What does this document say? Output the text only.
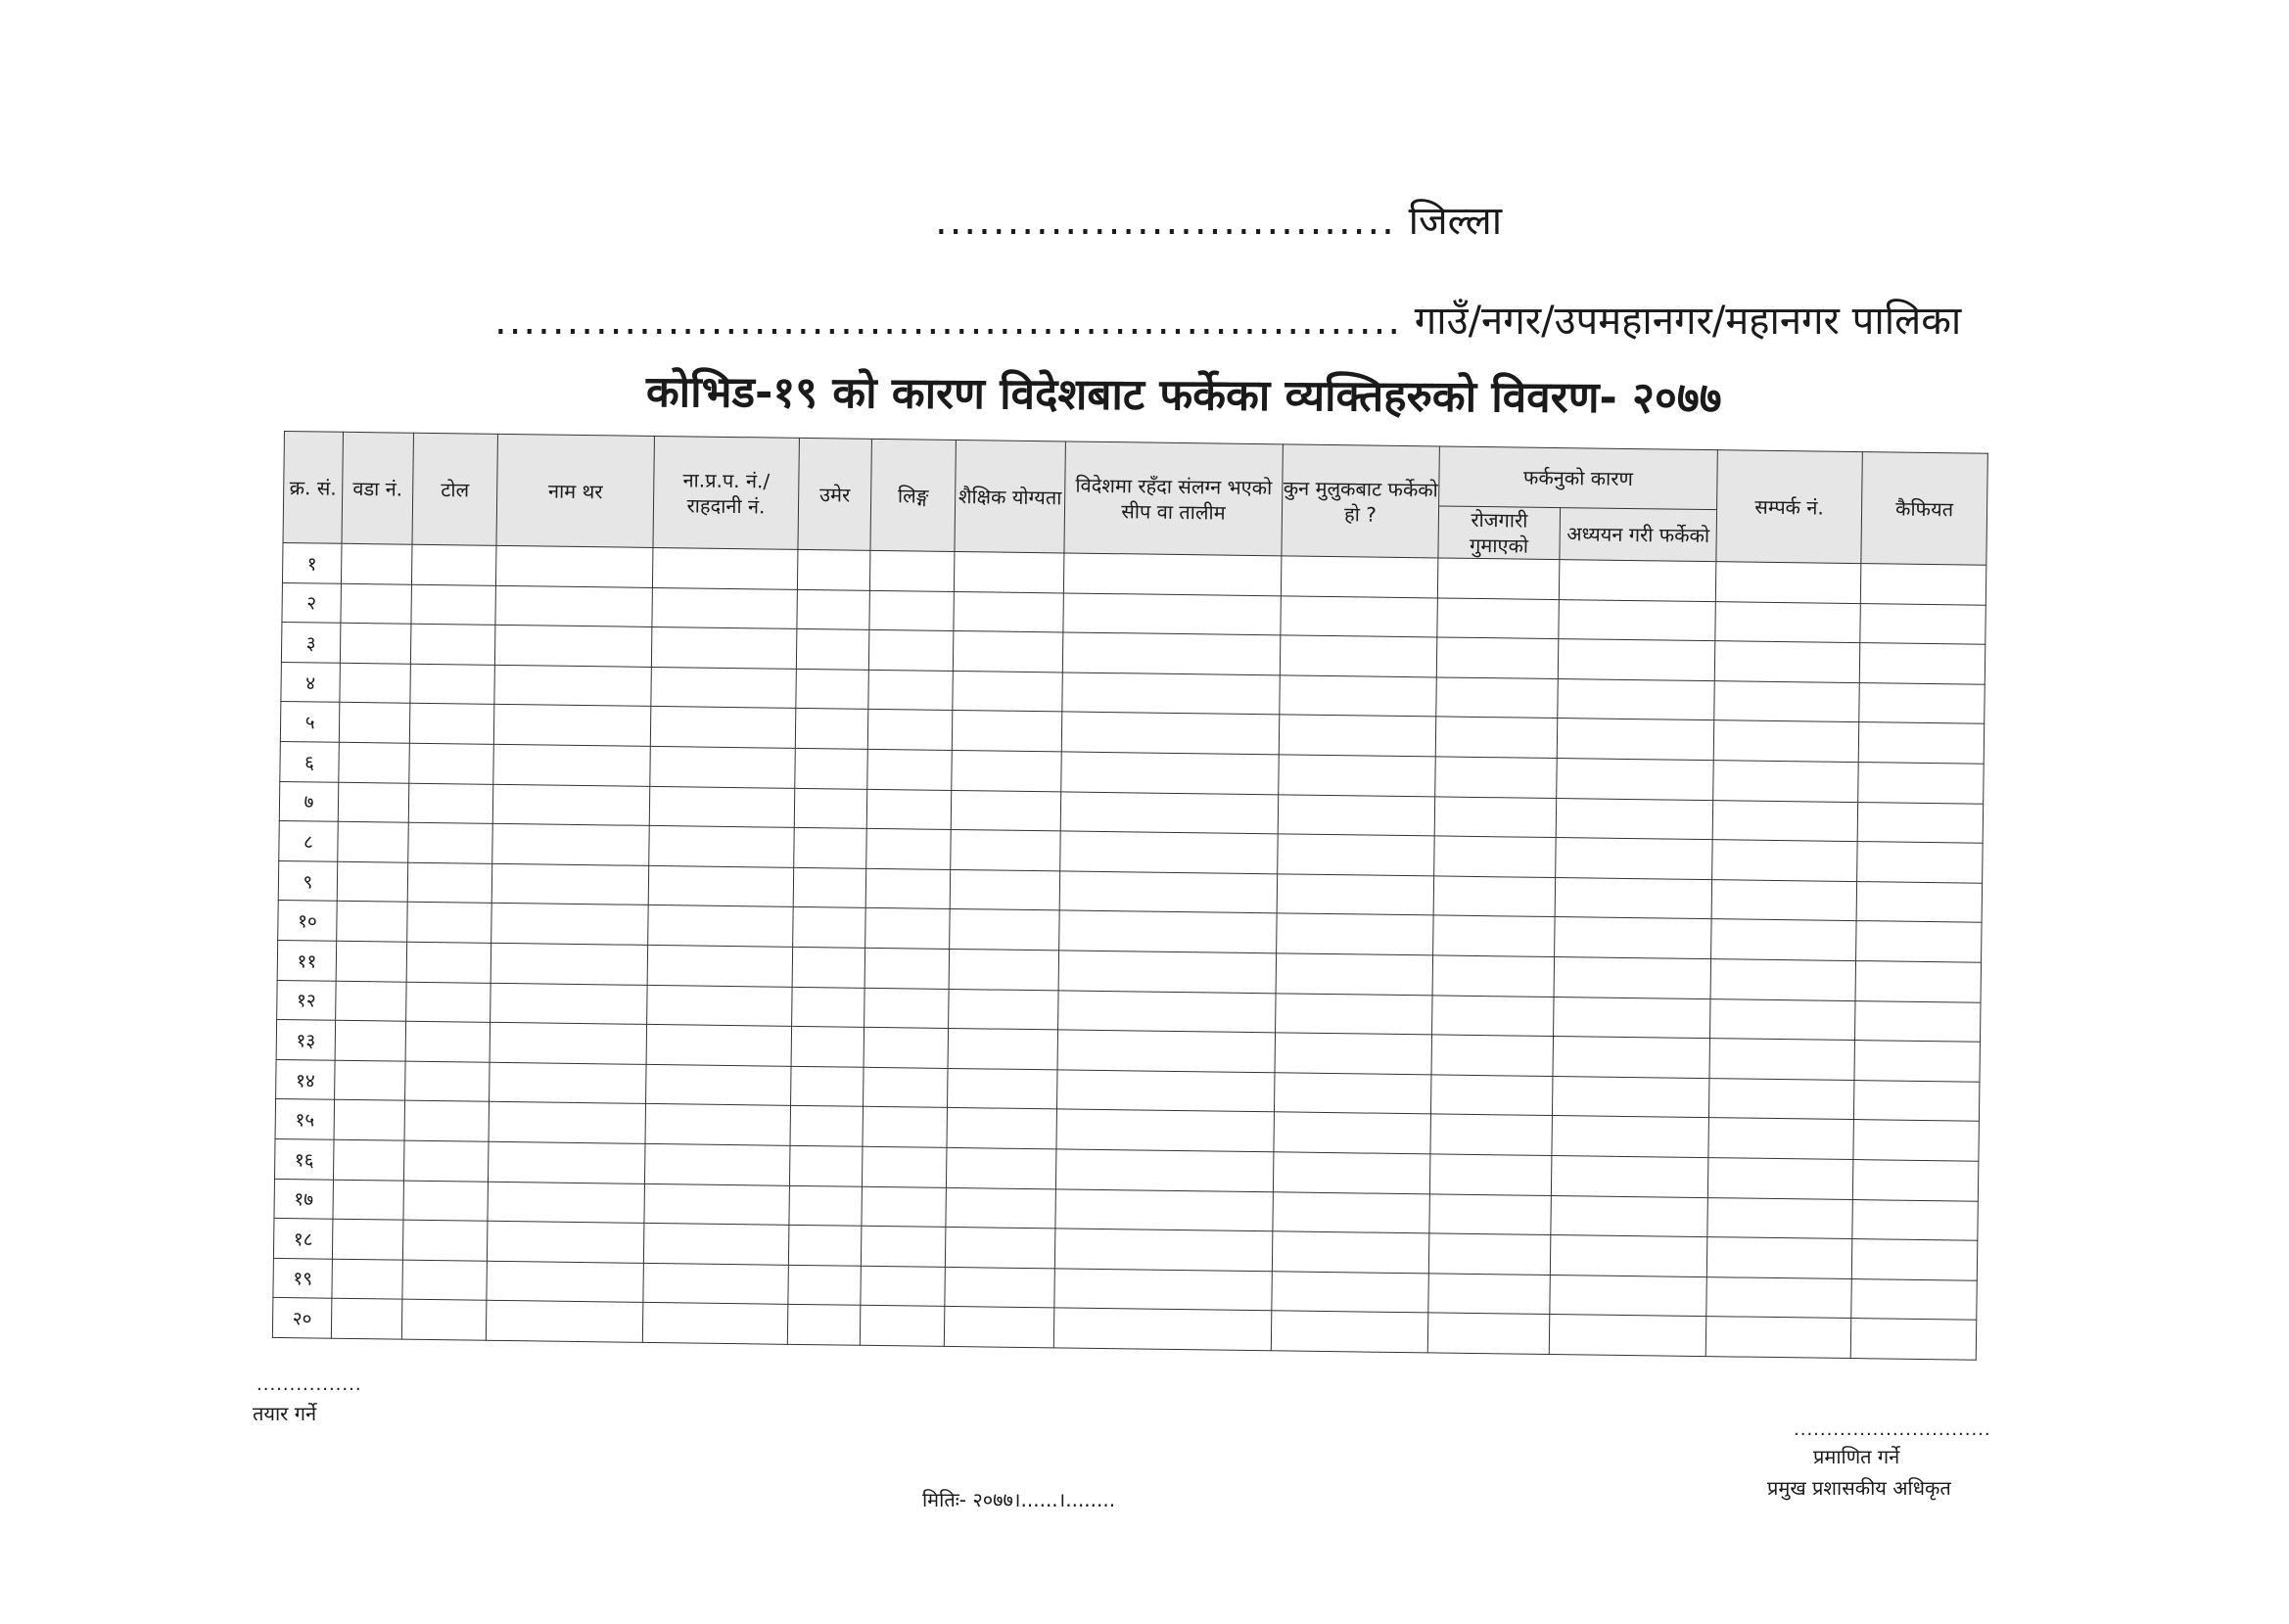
................................ जिल्ला
............................................................... गाउँ/नगर/उपमहानगर/महानगर पालिका
कोभिड-१९ को कारण विदेशबाट फर्केका व्यक्तिहरुको विवरण- २०७७
क्र. सं.	वडा नं.	टोल	नाम थर	ना.प्र.प. नं./ राहदानी नं.	उमेर	लिङ्ग	शैक्षिक योग्यता	विदेशमा रहँदा संलग्न भएको सीप वा तालीम	कुन मुलुकबाट फर्केको हो ?	फर्कनुको कारण		सम्पर्क नं.	कैफियत
										रोजगारी गुमाएको	अध्ययन गरी फर्केको		
१													
२													
३													
४													
५													
६													
७													
८													
९													
१०													
११													
१२													
१३													
१४													
१५													
१६													
१७													
१८													
१९													
२०													
................
तयार गर्ने
मितिः- २०७७।......।........
..............................
प्रमाणित गर्ने
प्रमुख प्रशासकीय अधिकृत
